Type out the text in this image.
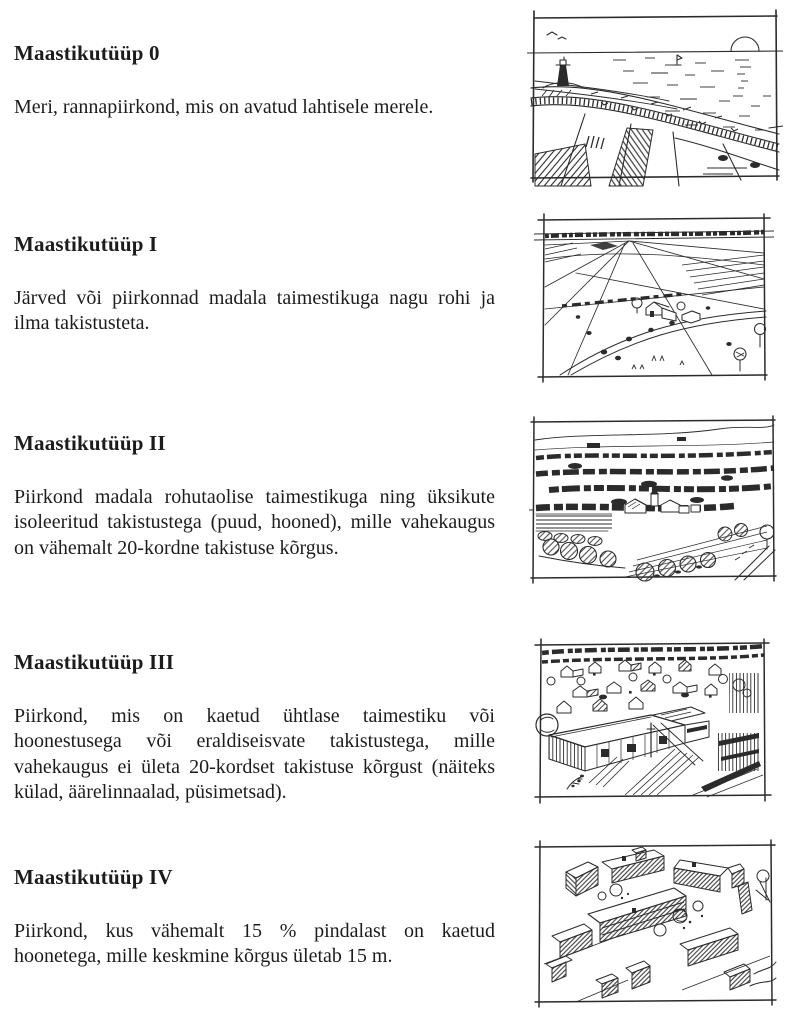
Maastikutüüp 0

Meri, rannapiirkond, mis on avatud lahtisele merele.

Maastikutüüp I

Järved või piirkonnad madala taimestikuga nagu rohi ja ilma takistusteta.

Maastikutüüp II

Piirkond madala rohutaolise taimestikuga ning üksikute isoleeritud takistustega (puud, hooned), mille vahekaugus on vähemalt 20-kordne takistuse kõrgus.

Maastikutüüp III

Piirkond, mis on kaetud ühtlase taimestiku või hoonestusega või eraldiseisvate takistustega, mille vahekaugus ei ületa 20-kordset takistuse kõrgust (näiteks külad, äärelinnaalad, püsimetsad).

Maastikutüüp IV

Piirkond, kus vähemalt 15 % pindalast on kaetud hoonetega, mille keskmine kõrgus ületab 15 m.
